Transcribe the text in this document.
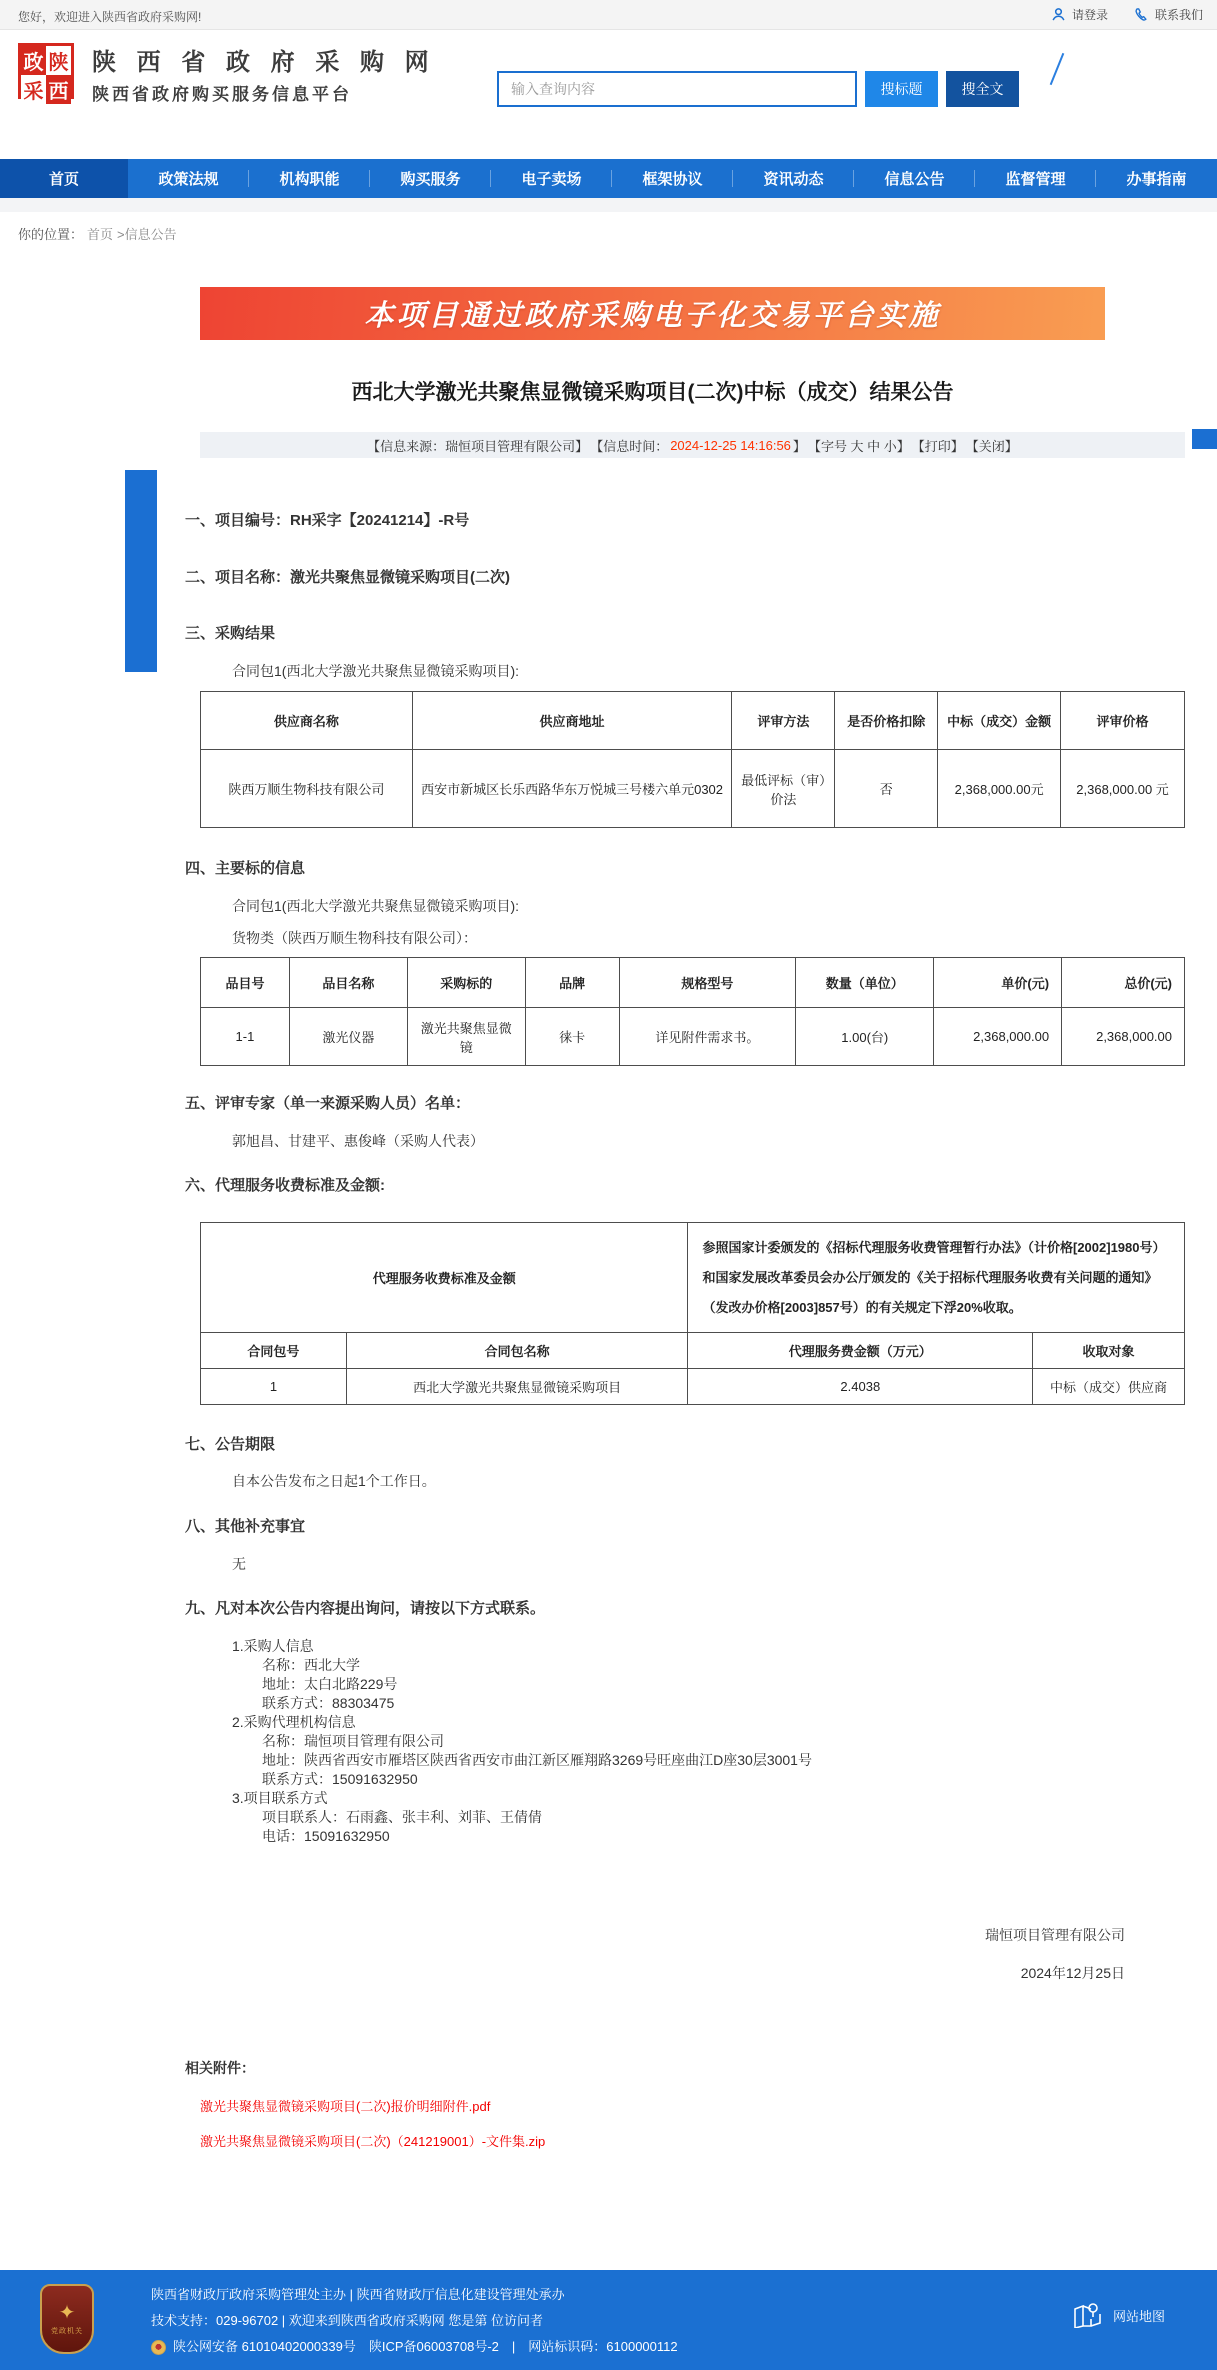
您好，欢迎进入陕西省政府采购网!	请登录	联系我们
政 陕
采 西
陕 西 省 政 府 采 购 网
陕西省政府购买服务信息平台
输入查询内容	搜标题	搜全文
首页	政策法规	机构职能	购买服务	电子卖场	框架协议	资讯动态	信息公告	监督管理	办事指南
你的位置： 首页 >信息公告
本项目通过政府采购电子化交易平台实施
西北大学激光共聚焦显微镜采购项目(二次)中标（成交）结果公告
【信息来源：瑞恒项目管理有限公司】 【信息时间： 2024-12-25 14:16:56 】 【字号 大 中 小】 【打印】 【关闭】
一、项目编号：RH采字【20241214】-R号
二、项目名称：激光共聚焦显微镜采购项目(二次)
三、采购结果
合同包1(西北大学激光共聚焦显微镜采购项目):
供应商名称	供应商地址	评审方法	是否价格扣除	中标（成交）金额	评审价格
陕西万顺生物科技有限公司	西安市新城区长乐西路华东万悦城三号楼六单元0302	最低评标（审）价法	否	2,368,000.00元	2,368,000.00 元
四、主要标的信息
合同包1(西北大学激光共聚焦显微镜采购项目):
货物类（陕西万顺生物科技有限公司）：
品目号	品目名称	采购标的	品牌	规格型号	数量（单位）	单价(元)	总价(元)
1-1	激光仪器	激光共聚焦显微镜	徕卡	详见附件需求书。	1.00(台)	2,368,000.00	2,368,000.00
五、评审专家（单一来源采购人员）名单：
郭旭昌、甘建平、惠俊峰（采购人代表）
六、代理服务收费标准及金额:
代理服务收费标准及金额		参照国家计委颁发的《招标代理服务收费管理暂行办法》（计价格[2002]1980号）和国家发展改革委员会办公厅颁发的《关于招标代理服务收费有关问题的通知》（发改办价格[2003]857号）的有关规定下浮20%收取。	
合同包号	合同包名称	代理服务费金额（万元）	收取对象
1	西北大学激光共聚焦显微镜采购项目	2.4038	中标（成交）供应商
七、公告期限
自本公告发布之日起1个工作日。
八、其他补充事宜
无
九、凡对本次公告内容提出询问，请按以下方式联系。
1.采购人信息
名称：西北大学
地址：太白北路229号
联系方式：88303475
2.采购代理机构信息
名称：瑞恒项目管理有限公司
地址：陕西省西安市雁塔区陕西省西安市曲江新区雁翔路3269号旺座曲江D座30层3001号
联系方式：15091632950
3.项目联系方式
项目联系人：石雨鑫、张丰利、刘菲、王倩倩
电话：15091632950
瑞恒项目管理有限公司
2024年12月25日
相关附件：
激光共聚焦显微镜采购项目(二次)报价明细附件.pdf
激光共聚焦显微镜采购项目(二次)（241219001）-文件集.zip
✦
党政机关
陕西省财政厅政府采购管理处主办 | 陕西省财政厅信息化建设管理处承办
技术支持：029-96702 | 欢迎来到陕西省政府采购网 您是第 位访问者
陕公网安备 61010402000339号　陕ICP备06003708号-2　|　网站标识码：6100000112
网站地图
